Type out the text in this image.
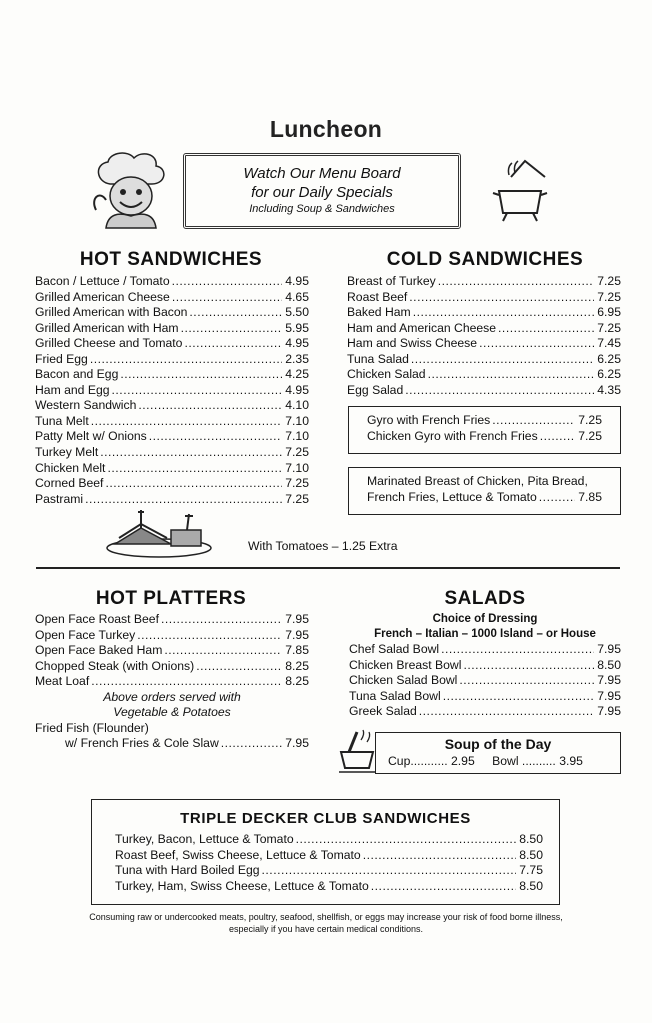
Luncheon
Watch Our Menu Board
for our Daily Specials
Including Soup & Sandwiches
HOT SANDWICHES
Bacon / Lettuce / Tomato .....	4.95
Grilled American Cheese .....	4.65
Grilled American with Bacon .....	5.50
Grilled American with Ham .....	5.95
Grilled Cheese and Tomato .....	4.95
Fried Egg .....	2.35
Bacon and Egg .....	4.25
Ham and Egg .....	4.95
Western Sandwich .....	4.10
Tuna Melt .....	7.10
Patty Melt w/ Onions .....	7.10
Turkey Melt .....	7.25
Chicken Melt .....	7.10
Corned Beef .....	7.25
Pastrami .....	7.25
With Tomatoes – 1.25 Extra
COLD SANDWICHES
Breast of Turkey .....	7.25
Roast Beef .....	7.25
Baked Ham .....	6.95
Ham and American Cheese .....	7.25
Ham and Swiss Cheese .....	7.45
Tuna Salad .....	6.25
Chicken Salad .....	6.25
Egg Salad .....	4.35
Gyro with French Fries .....	7.25
Chicken Gyro with French Fries .....	7.25
Marinated Breast of Chicken, Pita Bread,
French Fries, Lettuce & Tomato .....	7.85
HOT PLATTERS
Open Face Roast Beef .....	7.95
Open Face Turkey .....	7.95
Open Face Baked Ham .....	7.85
Chopped Steak (with Onions) .....	8.25
Meat Loaf .....	8.25
Above orders served with
Vegetable & Potatoes
Fried Fish (Flounder)
w/ French Fries & Cole Slaw .....	7.95
SALADS
Choice of Dressing
French – Italian – 1000 Island – or House
Chef Salad Bowl .....	7.95
Chicken Breast Bowl .....	8.50
Chicken Salad Bowl .....	7.95
Tuna Salad Bowl .....	7.95
Greek Salad .....	7.95
Soup of the Day
Cup........... 2.95 Bowl .......... 3.95
TRIPLE DECKER CLUB SANDWICHES
Turkey, Bacon, Lettuce & Tomato .....	8.50
Roast Beef, Swiss Cheese, Lettuce & Tomato .....	8.50
Tuna with Hard Boiled Egg .....	7.75
Turkey, Ham, Swiss Cheese, Lettuce & Tomato .....	8.50
Consuming raw or undercooked meats, poultry, seafood, shellfish, or eggs may increase your risk of food borne illness,
especially if you have certain medical conditions.
